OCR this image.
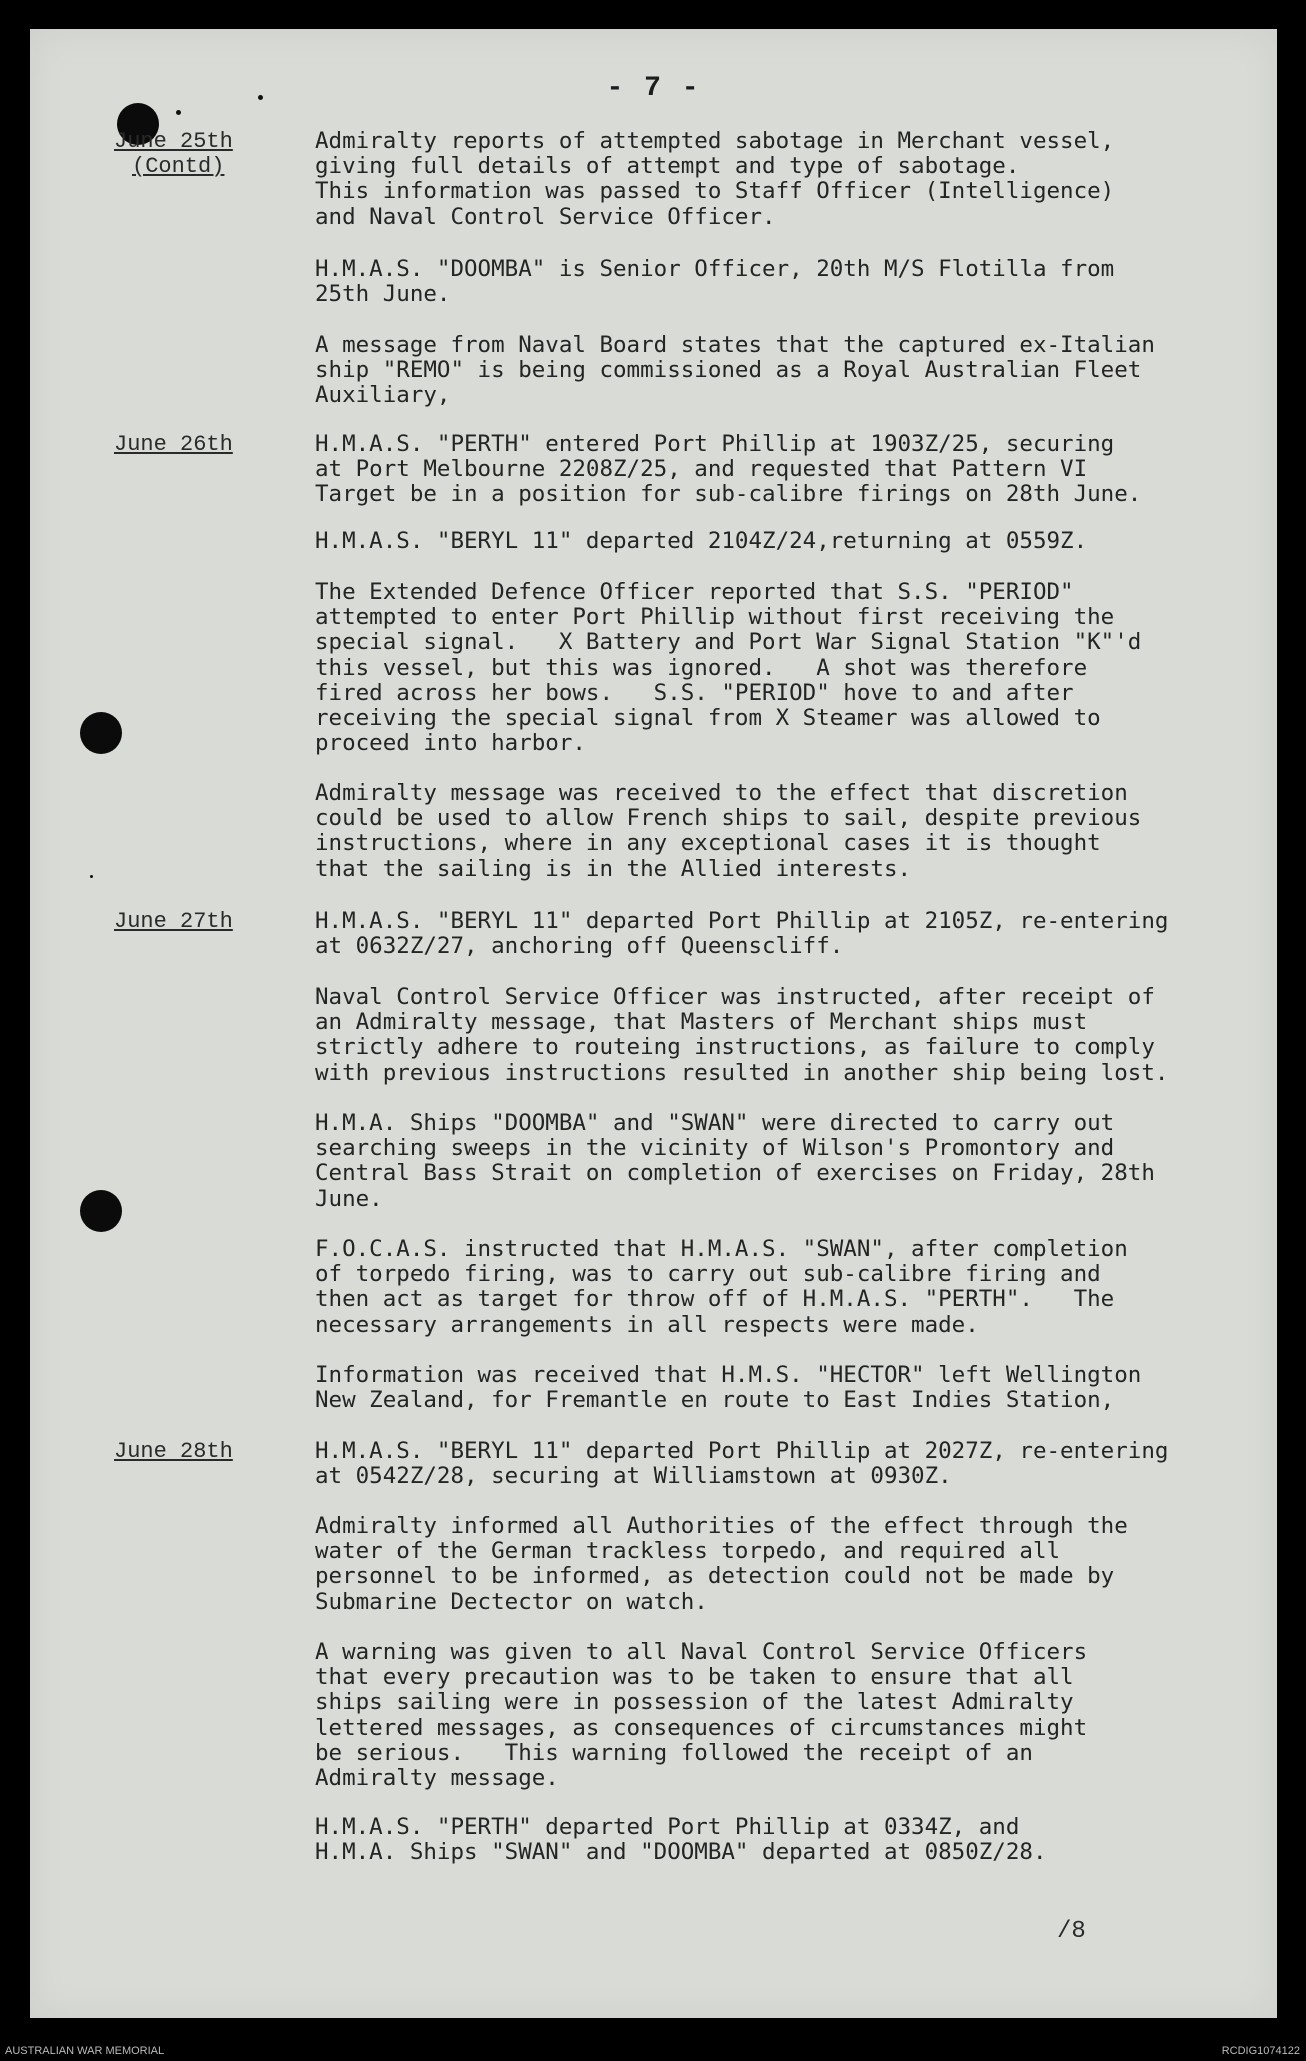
- 7 -
June 25th
(Contd)
Admiralty reports of attempted sabotage in Merchant vessel,
giving full details of attempt and type of sabotage.
This information was passed to Staff Officer (Intelligence)
and Naval Control Service Officer.
H.M.A.S. "DOOMBA" is Senior Officer, 20th M/S Flotilla from
25th June.
A message from Naval Board states that the captured ex-Italian
ship "REMO" is being commissioned as a Royal Australian Fleet
Auxiliary,
June 26th	H.M.A.S. "PERTH" entered Port Phillip at 1903Z/25, securing
at Port Melbourne 2208Z/25, and requested that Pattern VI
Target be in a position for sub-calibre firings on 28th June.
H.M.A.S. "BERYL 11" departed 2104Z/24,returning at 0559Z.
The Extended Defence Officer reported that S.S. "PERIOD"
attempted to enter Port Phillip without first receiving the
special signal.   X Battery and Port War Signal Station "K"'d
this vessel, but this was ignored.   A shot was therefore
fired across her bows.   S.S. "PERIOD" hove to and after
receiving the special signal from X Steamer was allowed to
proceed into harbor.
Admiralty message was received to the effect that discretion
could be used to allow French ships to sail, despite previous
instructions, where in any exceptional cases it is thought
that the sailing is in the Allied interests.
June 27th	H.M.A.S. "BERYL 11" departed Port Phillip at 2105Z, re-entering
at 0632Z/27, anchoring off Queenscliff.
Naval Control Service Officer was instructed, after receipt of
an Admiralty message, that Masters of Merchant ships must
strictly adhere to routeing instructions, as failure to comply
with previous instructions resulted in another ship being lost.
H.M.A. Ships "DOOMBA" and "SWAN" were directed to carry out
searching sweeps in the vicinity of Wilson's Promontory and
Central Bass Strait on completion of exercises on Friday, 28th
June.
F.O.C.A.S. instructed that H.M.A.S. "SWAN", after completion
of torpedo firing, was to carry out sub-calibre firing and
then act as target for throw off of H.M.A.S. "PERTH".   The
necessary arrangements in all respects were made.
Information was received that H.M.S. "HECTOR" left Wellington
New Zealand, for Fremantle en route to East Indies Station,
June 28th	H.M.A.S. "BERYL 11" departed Port Phillip at 2027Z, re-entering
at 0542Z/28, securing at Williamstown at 0930Z.
Admiralty informed all Authorities of the effect through the
water of the German trackless torpedo, and required all
personnel to be informed, as detection could not be made by
Submarine Dectector on watch.
A warning was given to all Naval Control Service Officers
that every precaution was to be taken to ensure that all
ships sailing were in possession of the latest Admiralty
lettered messages, as consequences of circumstances might
be serious.   This warning followed the receipt of an
Admiralty message.
H.M.A.S. "PERTH" departed Port Phillip at 0334Z, and
H.M.A. Ships "SWAN" and "DOOMBA" departed at 0850Z/28.
/8
AUSTRALIAN WAR MEMORIAL	RCDIG1074122
